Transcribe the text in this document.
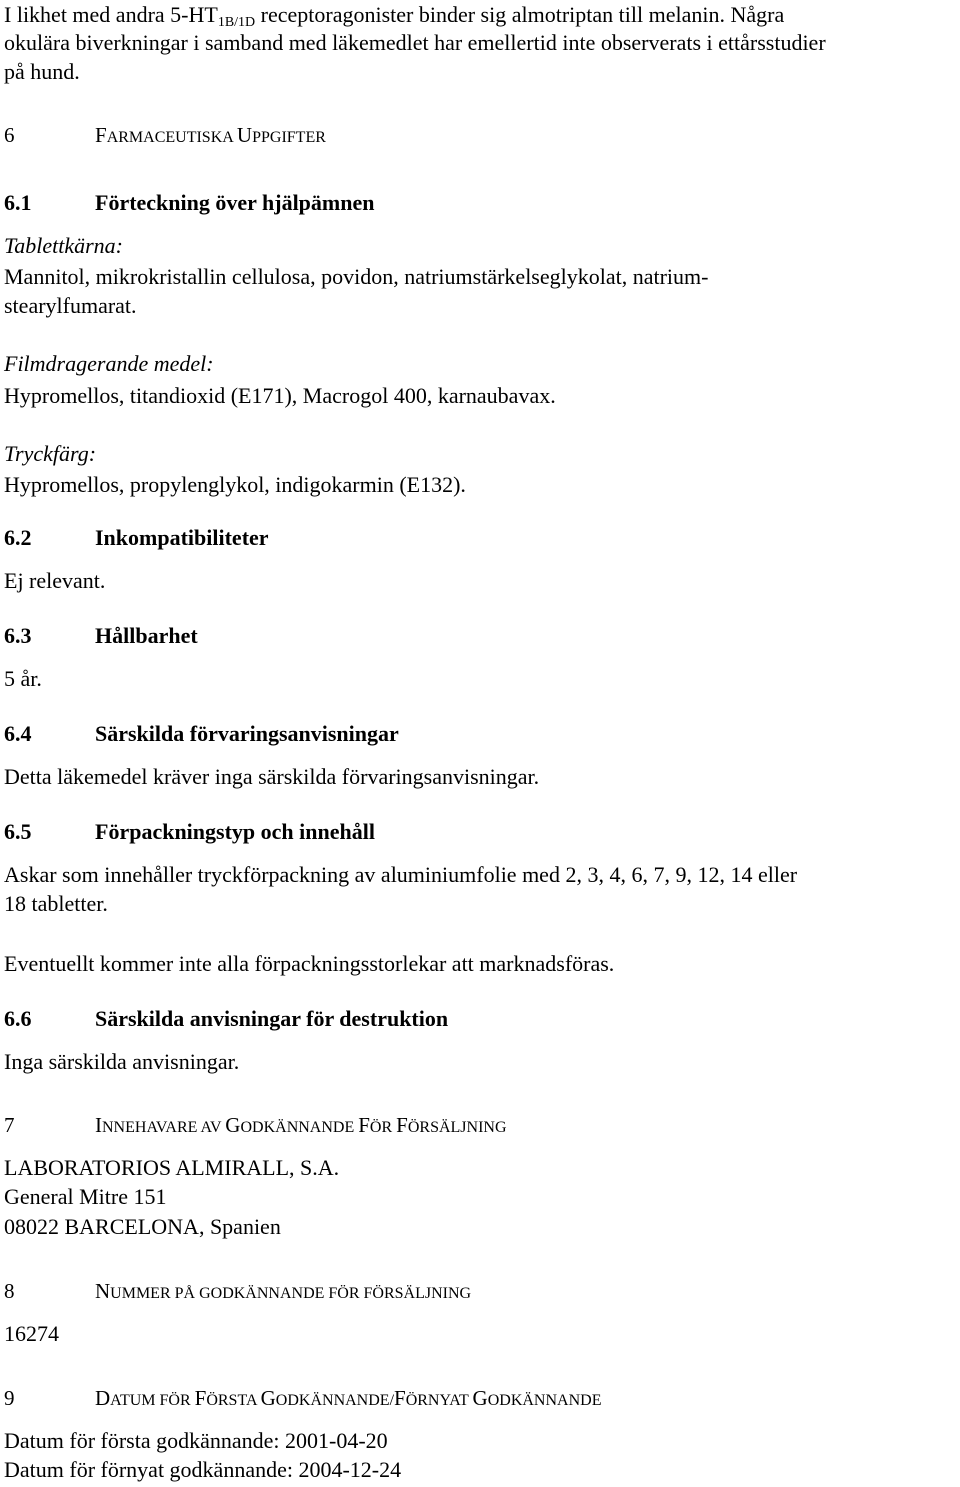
I likhet med andra $5-HT_{1B/1D}$ receptoragonister binder sig almotriptan till melanin. Några
okulära biverkningar i samband med läkemedlet har emellertid inte observerats i ettårsstudier
på hund.
6	FARMACEUTISKA UPPGIFTER
6.1	Förteckning över hjälpämnen
Tablettkärna:
Mannitol, mikrokristallin cellulosa, povidon, natriumstärkelseglykolat, natrium-
stearylfumarat.
Filmdragerande medel:
Hypromellos, titandioxid (E171), Macrogol 400, karnaubavax.
Tryckfärg:
Hypromellos, propylenglykol, indigokarmin (E132).
6.2	Inkompatibiliteter
Ej relevant.
6.3	Hållbarhet
5 år.
6.4	Särskilda förvaringsanvisningar
Detta läkemedel kräver inga särskilda förvaringsanvisningar.
6.5	Förpackningstyp och innehåll
Askar som innehåller tryckförpackning av aluminiumfolie med 2, 3, 4, 6, 7, 9, 12, 14 eller
18 tabletter.
Eventuellt kommer inte alla förpackningsstorlekar att marknadsföras.
6.6	Särskilda anvisningar för destruktion
Inga särskilda anvisningar.
7	INNEHAVARE AV GODKÄNNANDE FÖR FÖRSÄLJNING
LABORATORIOS ALMIRALL, S.A.
General Mitre 151
08022 BARCELONA, Spanien
8	NUMMER PÅ GODKÄNNANDE FÖR FÖRSÄLJNING
16274
9	DATUM FÖR FÖRSTA GODKÄNNANDE/FÖRNYAT GODKÄNNANDE
Datum för första godkännande: 2001-04-20
Datum för förnyat godkännande: 2004-12-24
